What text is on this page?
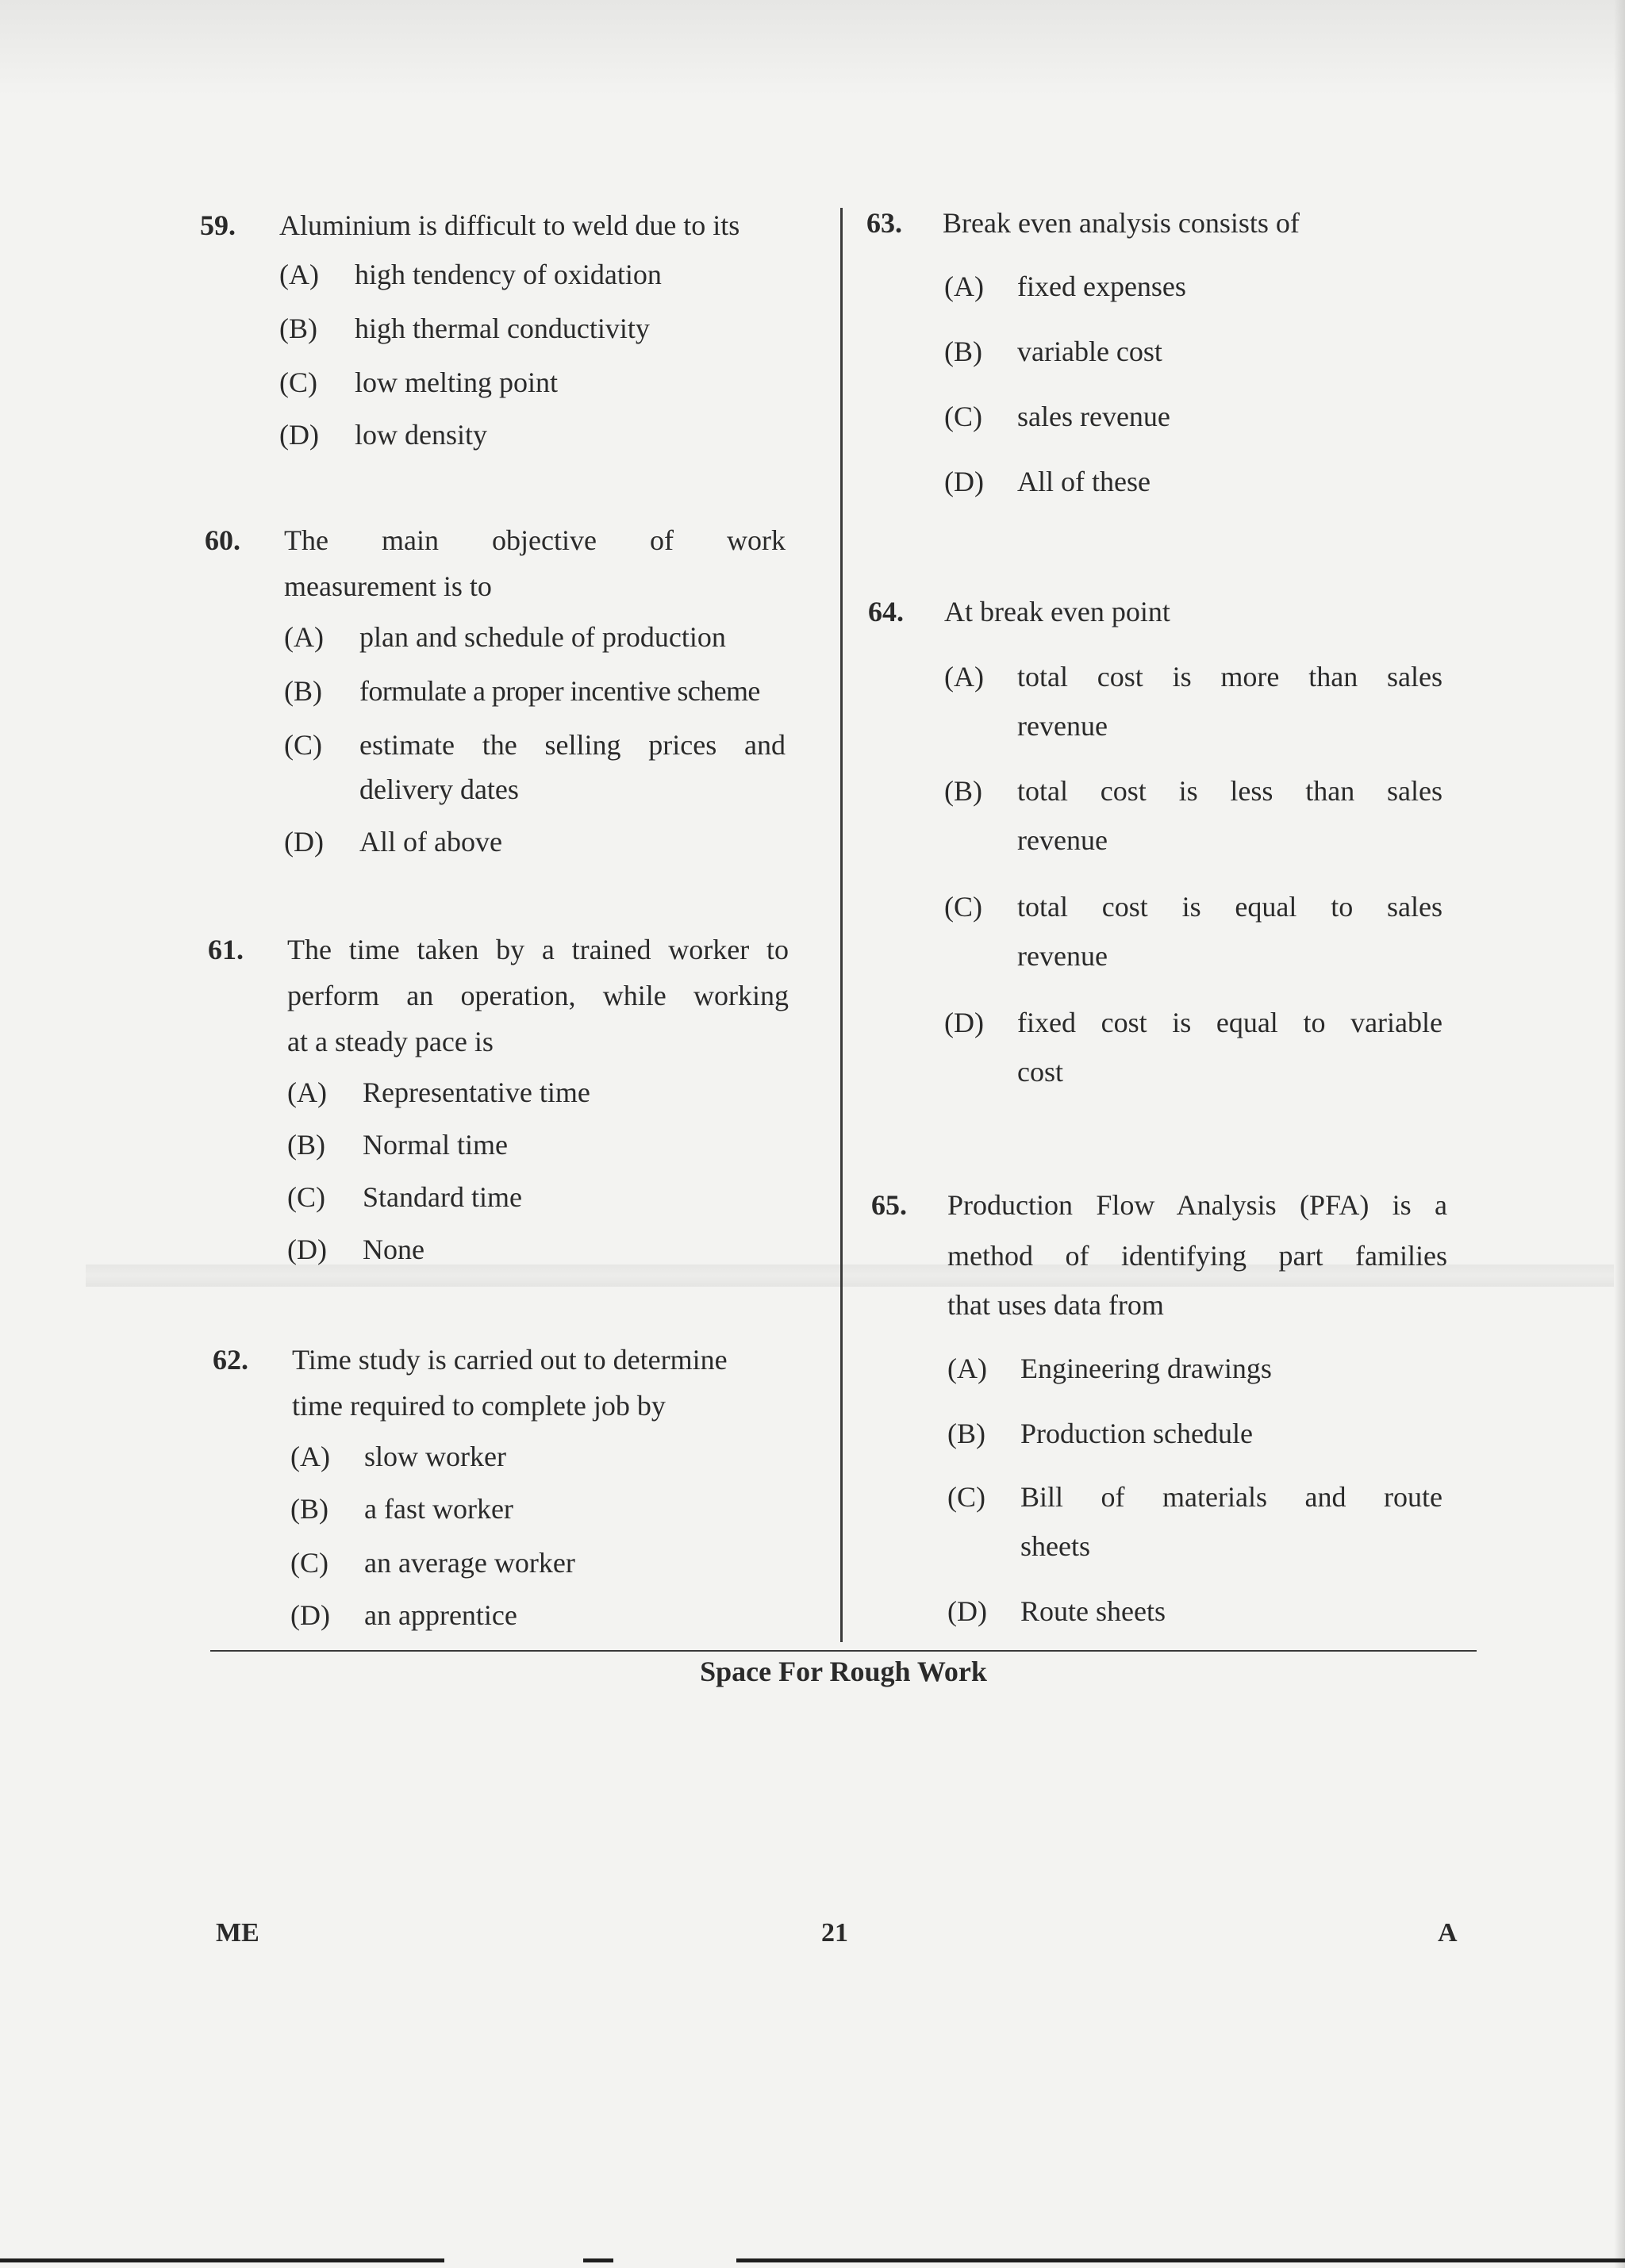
59.	Aluminium is difficult to weld due to its
(A) high tendency of oxidation
(B) high thermal conductivity
(C) low melting point
(D) low density
60.	The main objective of work
measurement is to
(A) plan and schedule of production
(B) formulate a proper incentive scheme
(C) estimate the selling prices and
delivery dates
(D) All of above
61.	The time taken by a trained worker to
perform an operation, while working
at a steady pace is
(A) Representative time
(B) Normal time
(C) Standard time
(D) None
62.	Time study is carried out to determine
time required to complete job by
(A) slow worker
(B) a fast worker
(C) an average worker
(D) an apprentice
63.	Break even analysis consists of
(A) fixed expenses
(B) variable cost
(C) sales revenue
(D) All of these
64.	At break even point
(A) total cost is more than sales
revenue
(B) total cost is less than sales
revenue
(C) total cost is equal to sales
revenue
(D) fixed cost is equal to variable
cost
65.	Production Flow Analysis (PFA) is a
method of identifying part families
that uses data from
(A) Engineering drawings
(B) Production schedule
(C) Bill of materials and route
sheets
(D) Route sheets
Space For Rough Work
ME	21	A
